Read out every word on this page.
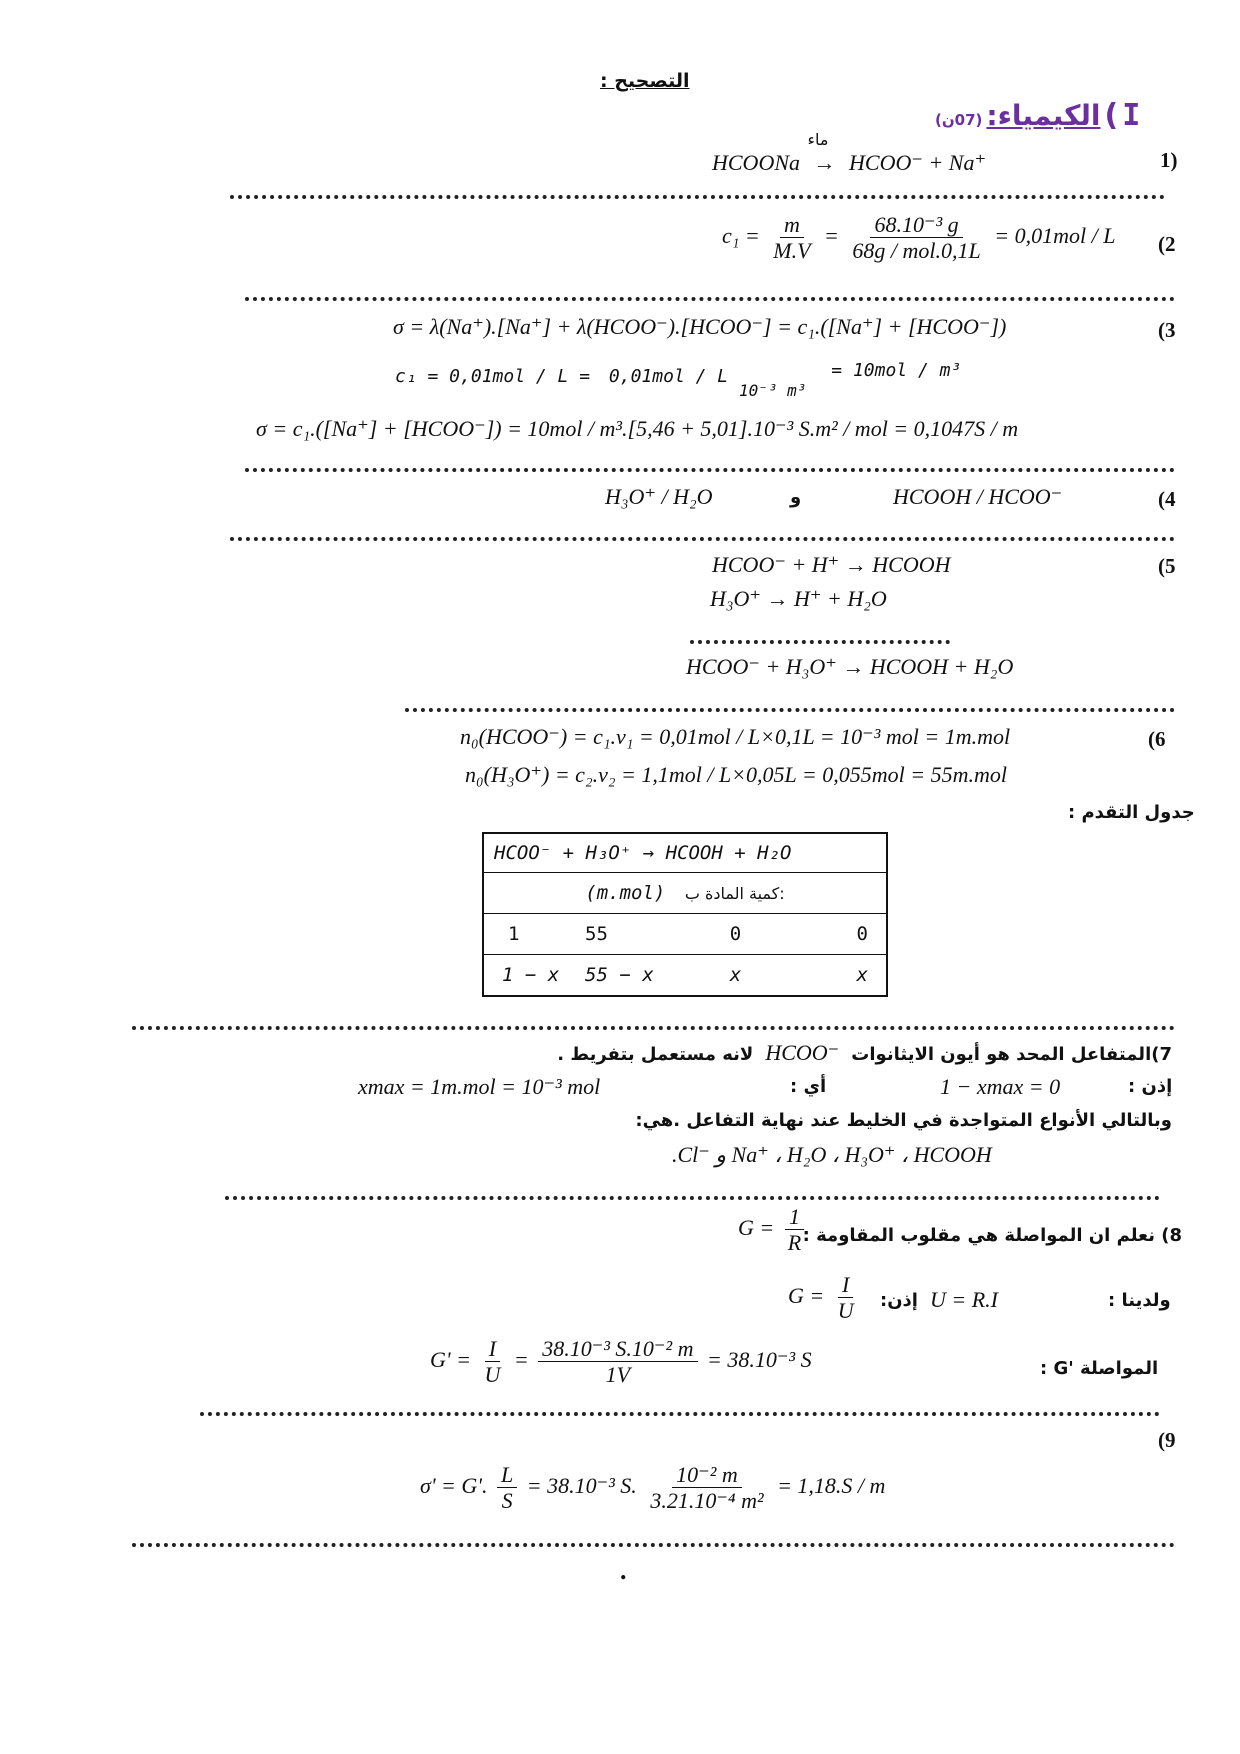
التصحيح :
I ) الكيمياء: (07ن)
1)
HCOONa
ماء
→ HCOO⁻ + Na⁺
(2
$c_1 = \frac{m}{M.V} = \frac{\text{68.10⁻³ g}}{\text{68g / mol.0,1L}} = 0,01mol / L$
(3
σ = λ(Na⁺).[Na⁺] + λ(HCOO⁻).[HCOO⁻] = c₁.([Na⁺] + [HCOO⁻])
c₁ = 0,01mol / L = 0,01mol / L 10⁻³ m³ = 10mol / m³
σ = c₁.([Na⁺] + [HCOO⁻]) = 10mol / m³.[5,46 + 5,01].10⁻³ S.m² / mol = 0,1047S / m
(4
HCOOH / HCOO⁻
و
H₃O⁺ / H₂O
(5
HCOO⁻ + H⁺ → HCOOH
H₃O⁺ → H⁺ + H₂O
HCOO⁻ + H₃O⁺ → HCOOH + H₂O
(6
n₀(HCOO⁻) = c₁.v₁ = 0,01mol / L×0,1L = 10⁻³ mol = 1m.mol
n₀(H₃O⁺) = c₂.v₂ = 1,1mol / L×0,05L = 0,055mol = 55m.mol
جدول التقدم :
HCOO⁻ + H₃O⁺ → HCOOH + H₂O			
(m.mol) كمية المادة ب:			
1	55	0	0
1 − x	55 − x	x	x
7)المتفاعل المحد هو أيون الايثانوات HCOO⁻ لانه مستعمل بتفريط .
إذن :
1 − xmax = 0
أي :
xmax = 1m.mol = 10⁻³ mol
وبالتالي الأنواع المتواجدة في الخليط عند نهاية التفاعل .هي:
.Cl⁻ و Na⁺ ، H₂O ، H₃O⁺ ، HCOOH
8) نعلم ان المواصلة هي مقلوب المقاومة :
$G = \frac{1}{R}$
ولدينا :
U = R.I
إذن:
$G = \frac{I}{U}$
المواصلة 'G :
$G' = \frac{I}{U} = \frac{\text{38.10⁻³ S.10⁻² m}}{1V} = 38.10^{-3}$ S
(9
σ' = G'. $\frac{L}{S} = 38.10^{-3}$ S. $\frac{\text{10⁻² m}}{\text{3.21.10⁻⁴ m²}} = 1,18.S / m$
.
